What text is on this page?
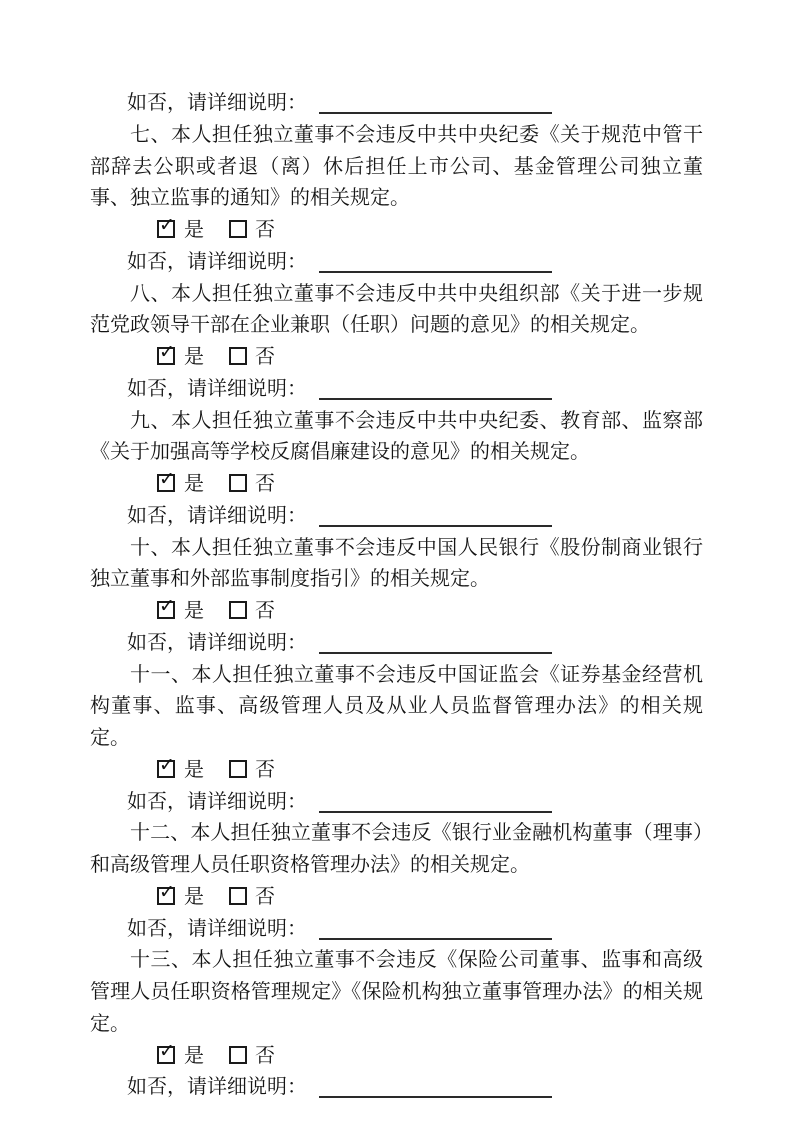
如否，请详细说明：

七、本人担任独立董事不会违反中共中央纪委《关于规范中管干部辞去公职或者退（离）休后担任上市公司、基金管理公司独立董事、独立监事的通知》的相关规定。

✓ 是	否
如否，请详细说明：

八、本人担任独立董事不会违反中共中央组织部《关于进一步规范党政领导干部在企业兼职（任职）问题的意见》的相关规定。

✓ 是	否
如否，请详细说明：

九、本人担任独立董事不会违反中共中央纪委、教育部、监察部《关于加强高等学校反腐倡廉建设的意见》的相关规定。

✓ 是	否
如否，请详细说明：

十、本人担任独立董事不会违反中国人民银行《股份制商业银行独立董事和外部监事制度指引》的相关规定。

✓ 是	否
如否，请详细说明：

十一、本人担任独立董事不会违反中国证监会《证券基金经营机构董事、监事、高级管理人员及从业人员监督管理办法》的相关规定。

✓ 是	否
如否，请详细说明：

十二、本人担任独立董事不会违反《银行业金融机构董事（理事）和高级管理人员任职资格管理办法》的相关规定。

✓ 是	否
如否，请详细说明：

十三、本人担任独立董事不会违反《保险公司董事、监事和高级管理人员任职资格管理规定》《保险机构独立董事管理办法》的相关规定。

✓ 是	否
如否，请详细说明：
